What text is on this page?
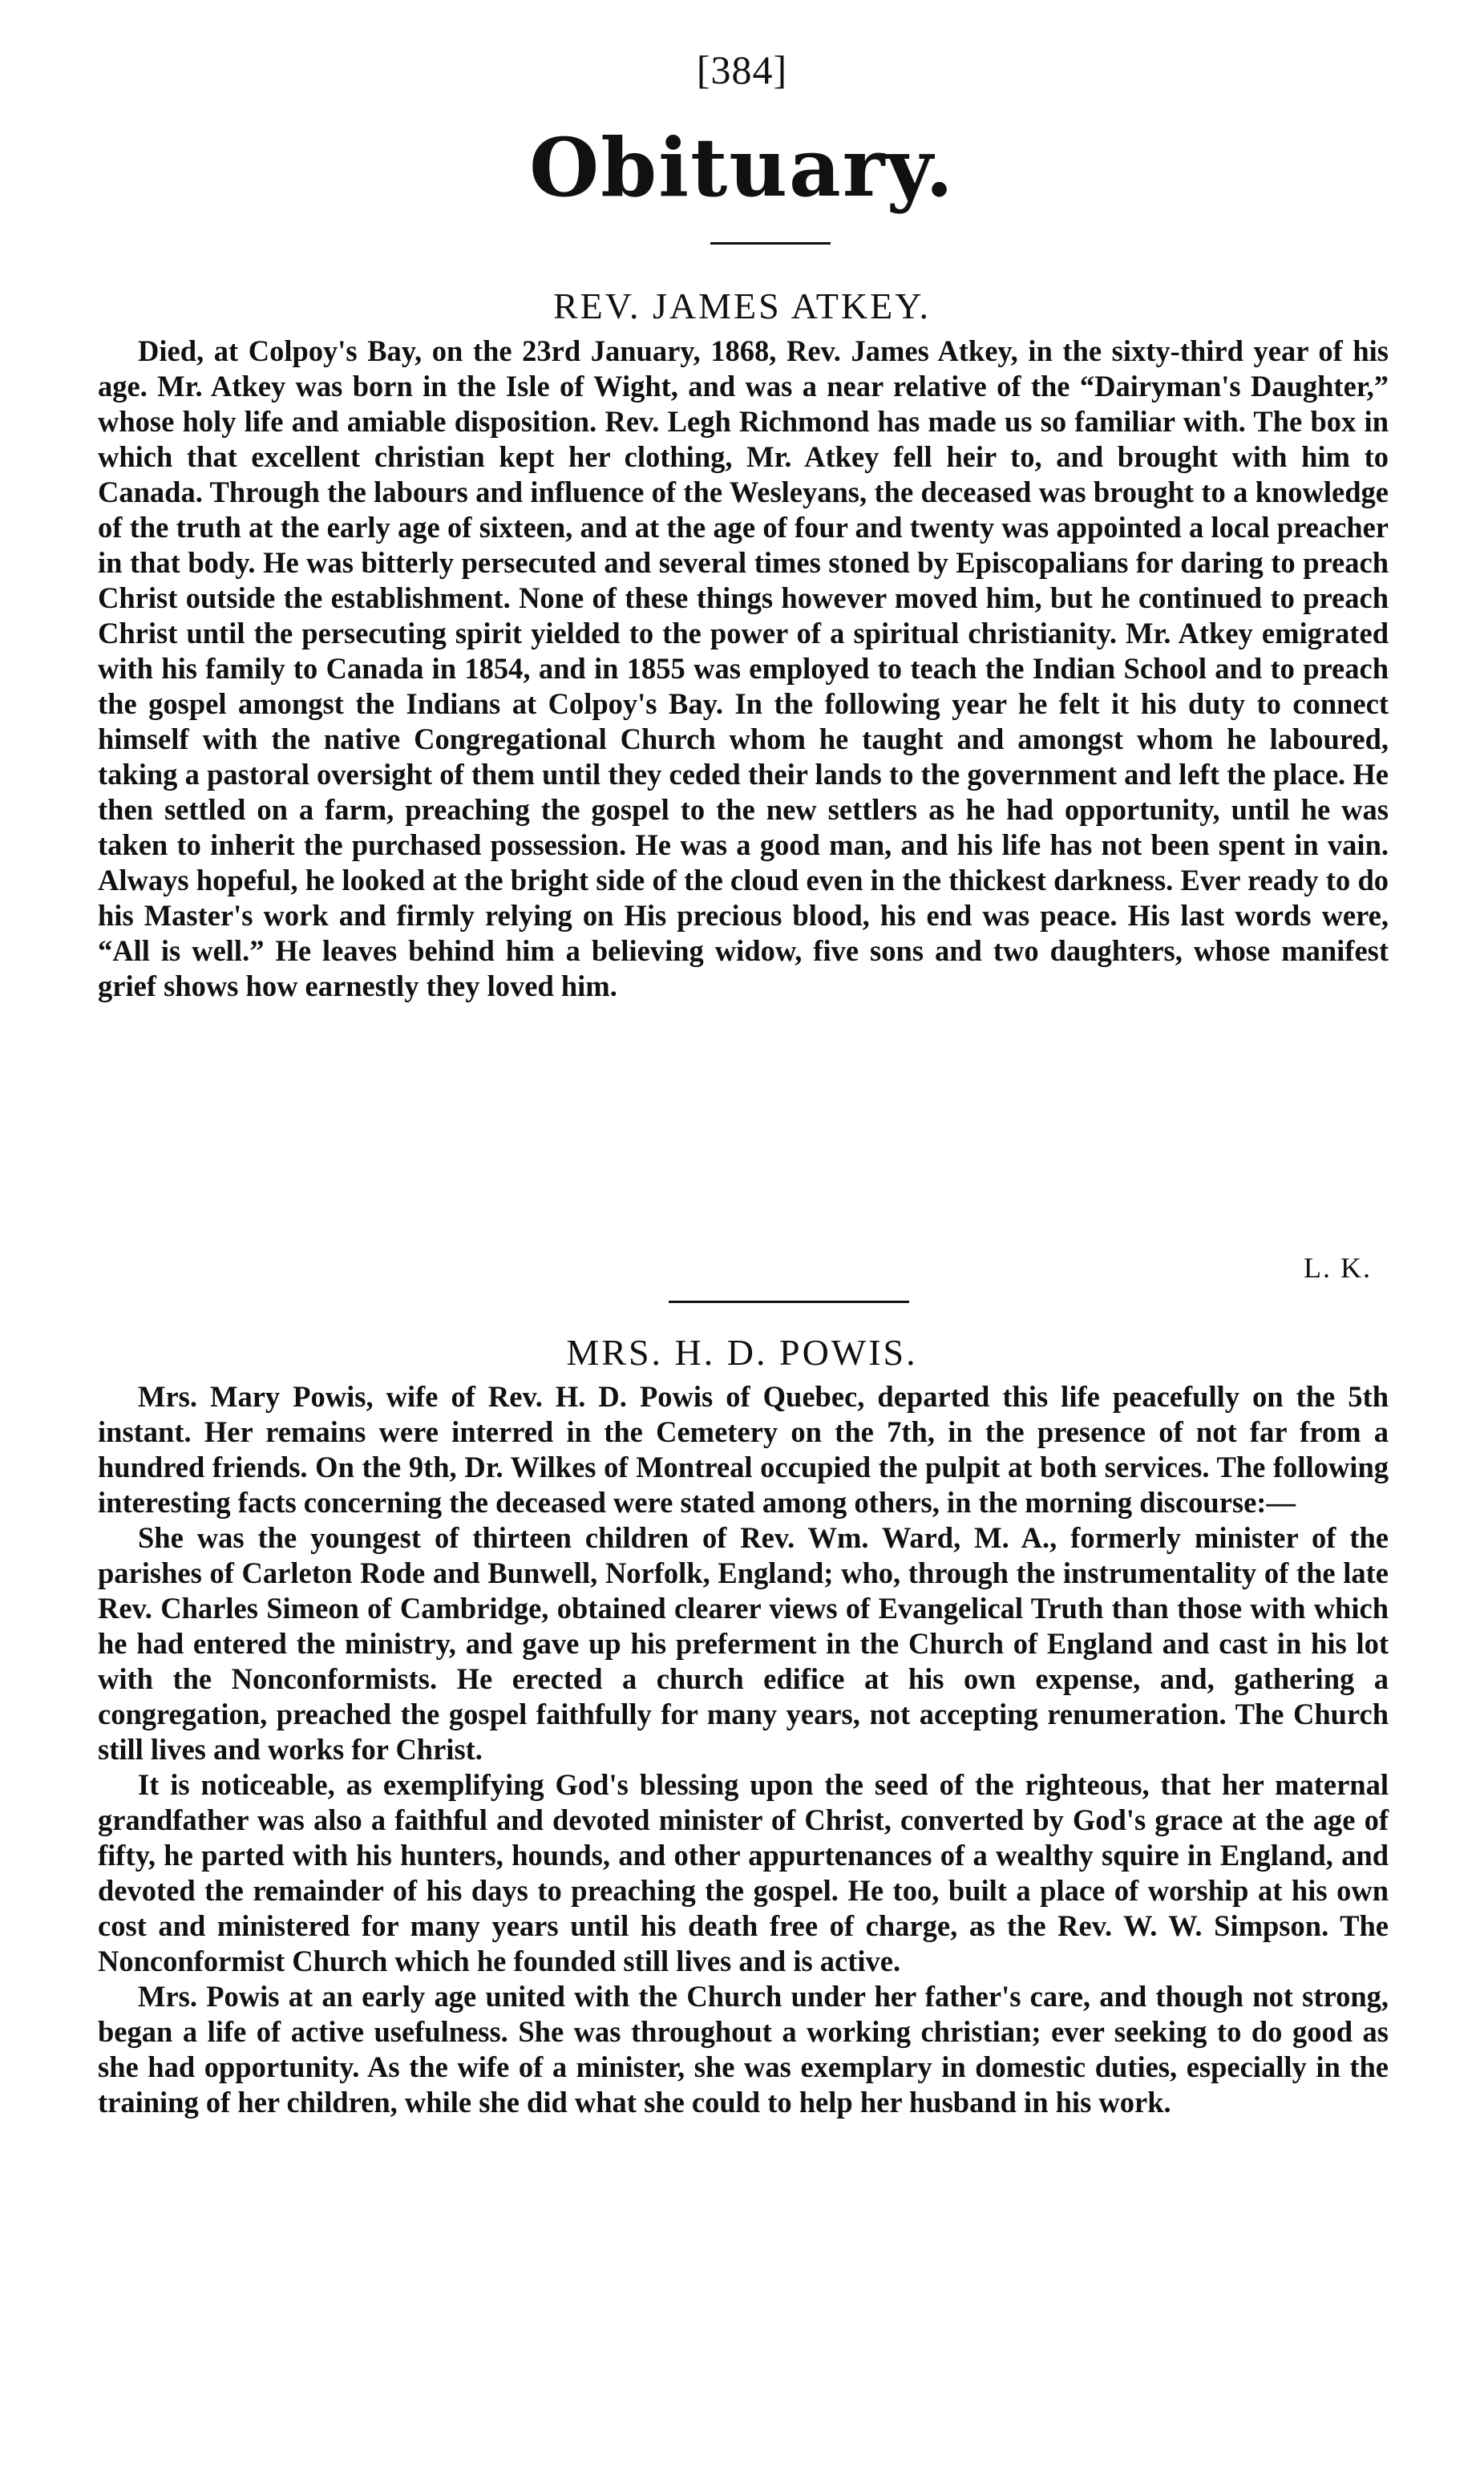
[384]
Obituary.
REV. JAMES ATKEY.

Died, at Colpoy's Bay, on the 23rd January, 1868, Rev. James Atkey, in the sixty-third year of his age. Mr. Atkey was born in the Isle of Wight, and was a near relative of the “Dairyman's Daughter,” whose holy life and amiable disposition. Rev. Legh Richmond has made us so familiar with. The box in which that excellent christian kept her clothing, Mr. Atkey fell heir to, and brought with him to Canada. Through the labours and influence of the Wesleyans, the deceased was brought to a knowledge of the truth at the early age of sixteen, and at the age of four and twenty was appointed a local preacher in that body. He was bitterly persecuted and several times stoned by Episcopalians for daring to preach Christ outside the establishment. None of these things however moved him, but he continued to preach Christ until the persecuting spirit yielded to the power of a spiritual christianity. Mr. Atkey emigrated with his family to Canada in 1854, and in 1855 was employed to teach the Indian School and to preach the gospel amongst the Indians at Colpoy's Bay. In the following year he felt it his duty to connect himself with the native Congregational Church whom he taught and amongst whom he laboured, taking a pastoral oversight of them until they ceded their lands to the government and left the place. He then settled on a farm, preaching the gospel to the new settlers as he had opportunity, until he was taken to inherit the purchased possession. He was a good man, and his life has not been spent in vain. Always hopeful, he looked at the bright side of the cloud even in the thickest darkness. Ever ready to do his Master's work and firmly relying on His precious blood, his end was peace. His last words were, “All is well.” He leaves behind him a believing widow, five sons and two daughters, whose manifest grief shows how earnestly they loved him.

L. K.
MRS. H. D. POWIS.

Mrs. Mary Powis, wife of Rev. H. D. Powis of Quebec, departed this life peacefully on the 5th instant. Her remains were interred in the Cemetery on the 7th, in the presence of not far from a hundred friends. On the 9th, Dr. Wilkes of Montreal occupied the pulpit at both services. The following interesting facts concerning the deceased were stated among others, in the morning discourse:—

She was the youngest of thirteen children of Rev. Wm. Ward, M. A., formerly minister of the parishes of Carleton Rode and Bunwell, Norfolk, England; who, through the instrumentality of the late Rev. Charles Simeon of Cambridge, obtained clearer views of Evangelical Truth than those with which he had entered the ministry, and gave up his preferment in the Church of England and cast in his lot with the Nonconformists. He erected a church edifice at his own expense, and, gathering a congregation, preached the gospel faithfully for many years, not accepting renumeration. The Church still lives and works for Christ.

It is noticeable, as exemplifying God's blessing upon the seed of the righteous, that her maternal grandfather was also a faithful and devoted minister of Christ, converted by God's grace at the age of fifty, he parted with his hunters, hounds, and other appurtenances of a wealthy squire in England, and devoted the remainder of his days to preaching the gospel. He too, built a place of worship at his own cost and ministered for many years until his death free of charge, as the Rev. W. W. Simpson. The Nonconformist Church which he founded still lives and is active.

Mrs. Powis at an early age united with the Church under her father's care, and though not strong, began a life of active usefulness. She was throughout a working christian; ever seeking to do good as she had opportunity. As the wife of a minister, she was exemplary in domestic duties, especially in the training of her children, while she did what she could to help her husband in his work.
